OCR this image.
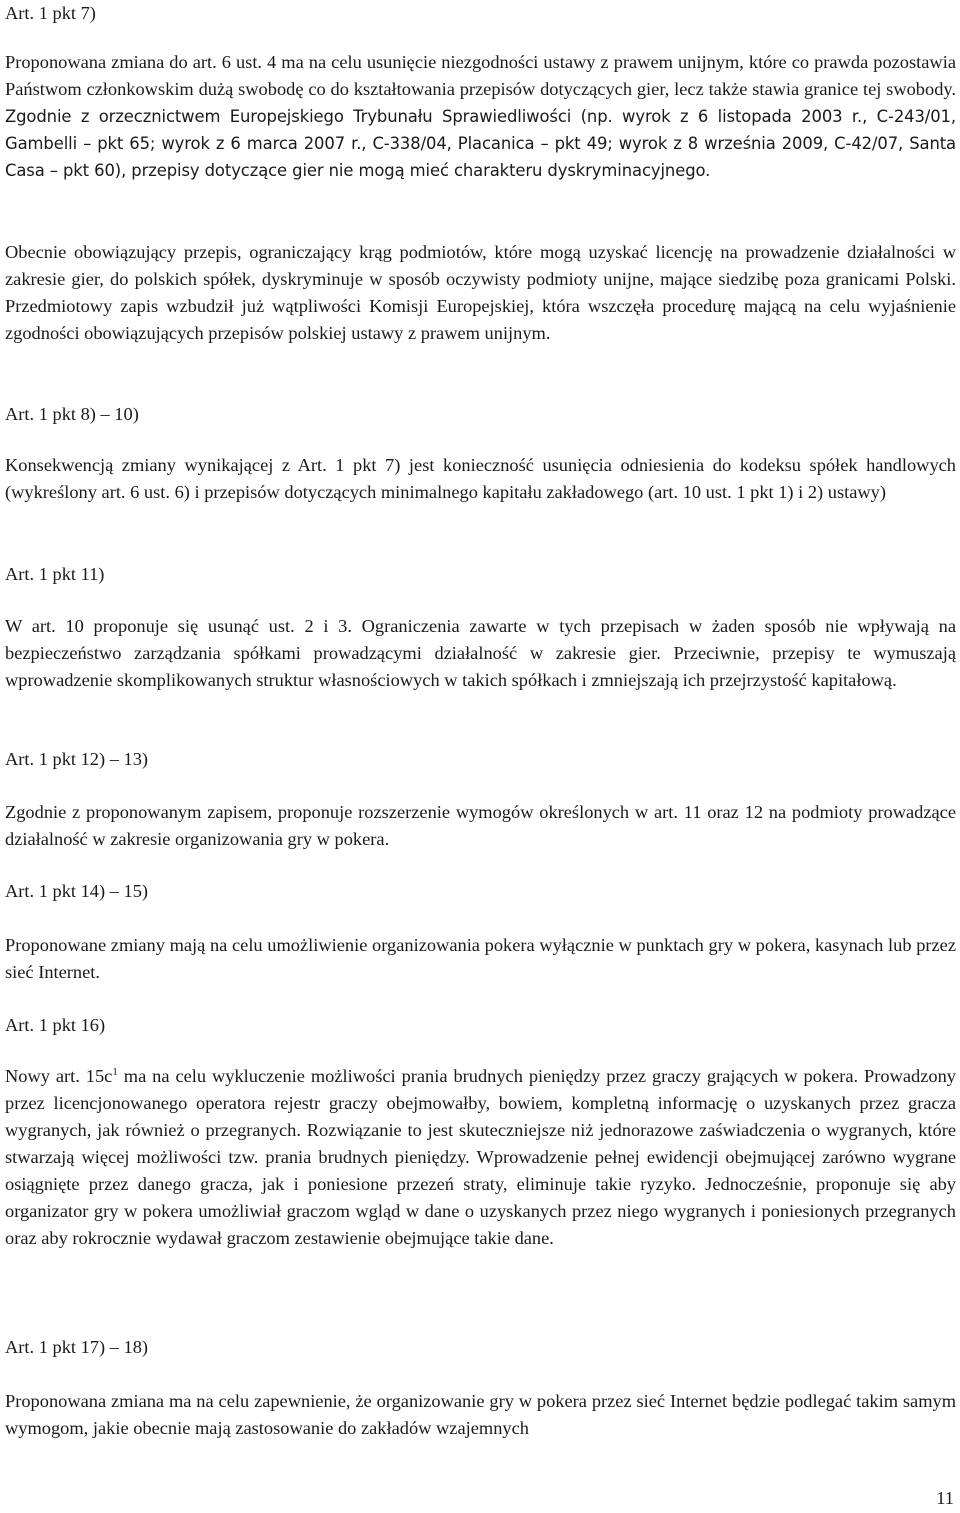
Art. 1 pkt 7)

Proponowana zmiana do art. 6 ust. 4 ma na celu usunięcie niezgodności ustawy z prawem unijnym, które co prawda pozostawia Państwom członkowskim dużą swobodę co do kształtowania przepisów dotyczących gier, lecz także stawia granice tej swobody. Zgodnie z orzecznictwem Europejskiego Trybunału Sprawiedliwości (np. wyrok z 6 listopada 2003 r., C-243/01, Gambelli – pkt 65; wyrok z 6 marca 2007 r., C-338/04, Placanica – pkt 49; wyrok z 8 września 2009, C-42/07, Santa Casa – pkt 60), przepisy dotyczące gier nie mogą mieć charakteru dyskryminacyjnego.

Obecnie obowiązujący przepis, ograniczający krąg podmiotów, które mogą uzyskać licencję na prowadzenie działalności w zakresie gier, do polskich spółek, dyskryminuje w sposób oczywisty podmioty unijne, mające siedzibę poza granicami Polski. Przedmiotowy zapis wzbudził już wątpliwości Komisji Europejskiej, która wszczęła procedurę mającą na celu wyjaśnienie zgodności obowiązujących przepisów polskiej ustawy z prawem unijnym.

Art. 1 pkt 8) – 10)

Konsekwencją zmiany wynikającej z Art. 1 pkt 7) jest konieczność usunięcia odniesienia do kodeksu spółek handlowych (wykreślony art. 6 ust. 6) i przepisów dotyczących minimalnego kapitału zakładowego (art. 10 ust. 1 pkt 1) i 2) ustawy)

Art. 1 pkt 11)

W art. 10 proponuje się usunąć ust. 2 i 3. Ograniczenia zawarte w tych przepisach w żaden sposób nie wpływają na bezpieczeństwo zarządzania spółkami prowadzącymi działalność w zakresie gier. Przeciwnie, przepisy te wymuszają wprowadzenie skomplikowanych struktur własnościowych w takich spółkach i zmniejszają ich przejrzystość kapitałową.

Art. 1 pkt 12) – 13)

Zgodnie z proponowanym zapisem, proponuje rozszerzenie wymogów określonych w art. 11 oraz 12 na podmioty prowadzące działalność w zakresie organizowania gry w pokera.

Art. 1 pkt 14) – 15)

Proponowane zmiany mają na celu umożliwienie organizowania pokera wyłącznie w punktach gry w pokera, kasynach lub przez sieć Internet.

Art. 1 pkt 16)

Nowy art. $15c^1$ ma na celu wykluczenie możliwości prania brudnych pieniędzy przez graczy grających w pokera. Prowadzony przez licencjonowanego operatora rejestr graczy obejmowałby, bowiem, kompletną informację o uzyskanych przez gracza wygranych, jak również o przegranych. Rozwiązanie to jest skuteczniejsze niż jednorazowe zaświadczenia o wygranych, które stwarzają więcej możliwości tzw. prania brudnych pieniędzy. Wprowadzenie pełnej ewidencji obejmującej zarówno wygrane osiągnięte przez danego gracza, jak i poniesione przezeń straty, eliminuje takie ryzyko. Jednocześnie, proponuje się aby organizator gry w pokera umożliwiał graczom wgląd w dane o uzyskanych przez niego wygranych i poniesionych przegranych oraz aby rokrocznie wydawał graczom zestawienie obejmujące takie dane.

Art. 1 pkt 17) – 18)

Proponowana zmiana ma na celu zapewnienie, że organizowanie gry w pokera przez sieć Internet będzie podlegać takim samym wymogom, jakie obecnie mają zastosowanie do zakładów wzajemnych

11
